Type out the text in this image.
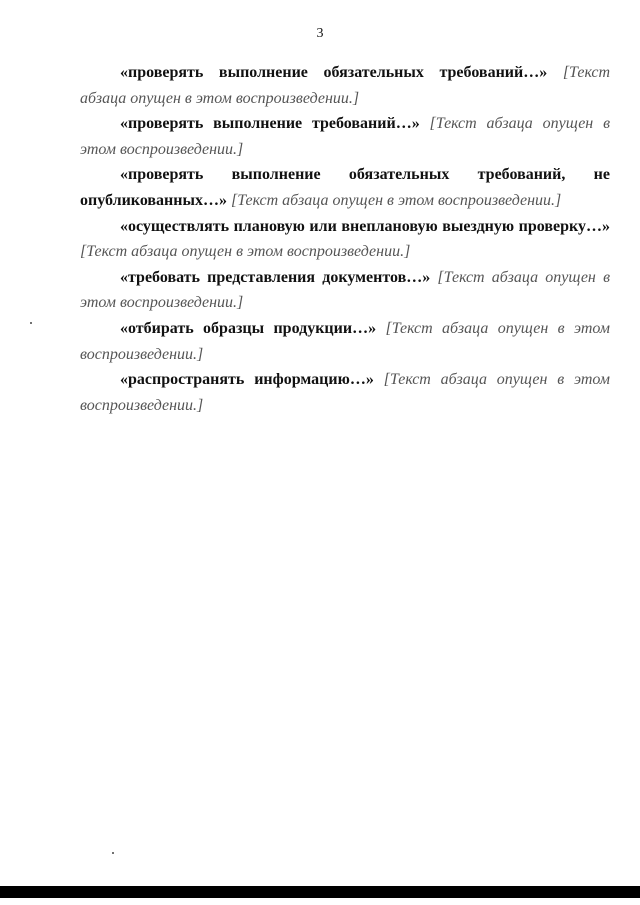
3

«проверять выполнение обязательных требований…» [Текст абзаца опущен в этом воспроизведении.]

«проверять выполнение требований…» [Текст абзаца опущен в этом воспроизведении.]

«проверять выполнение обязательных требований, не опубликованных…» [Текст абзаца опущен в этом воспроизведении.]

«осуществлять плановую или внеплановую выездную проверку…» [Текст абзаца опущен в этом воспроизведении.]

«требовать представления документов…» [Текст абзаца опущен в этом воспроизведении.]

«отбирать образцы продукции…» [Текст абзаца опущен в этом воспроизведении.]

«распространять информацию…» [Текст абзаца опущен в этом воспроизведении.]
